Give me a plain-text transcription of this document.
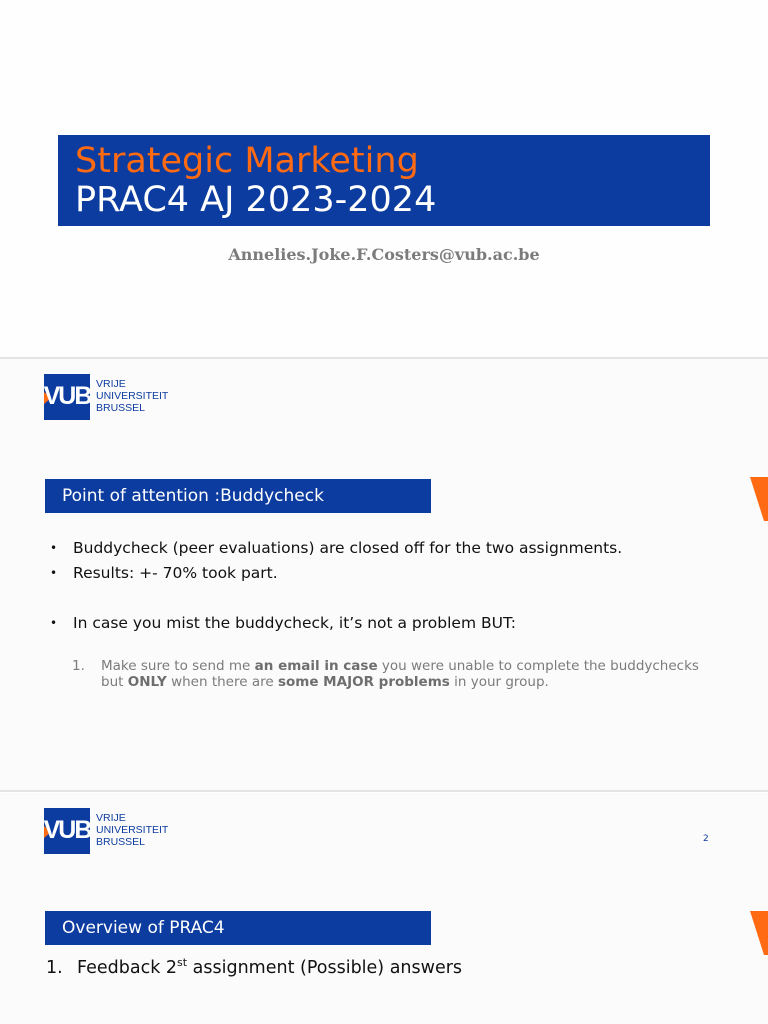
Strategic Marketing
PRAC4 AJ 2023-2024
Annelies.Joke.F.Costers@vub.ac.be
VUB VRIJE
UNIVERSITEIT
BRUSSEL
Point of attention :Buddycheck
• Buddycheck (peer evaluations) are closed off for the two assignments.
• Results: +- 70% took part.
• In case you mist the buddycheck, it’s not a problem BUT:
1. Make sure to send me an email in case you were unable to complete the buddychecks but ONLY when there are some MAJOR problems in your group.
VUB VRIJE
UNIVERSITEIT
BRUSSEL	2
Overview of PRAC4
1. Feedback 2st assignment (Possible) answers
